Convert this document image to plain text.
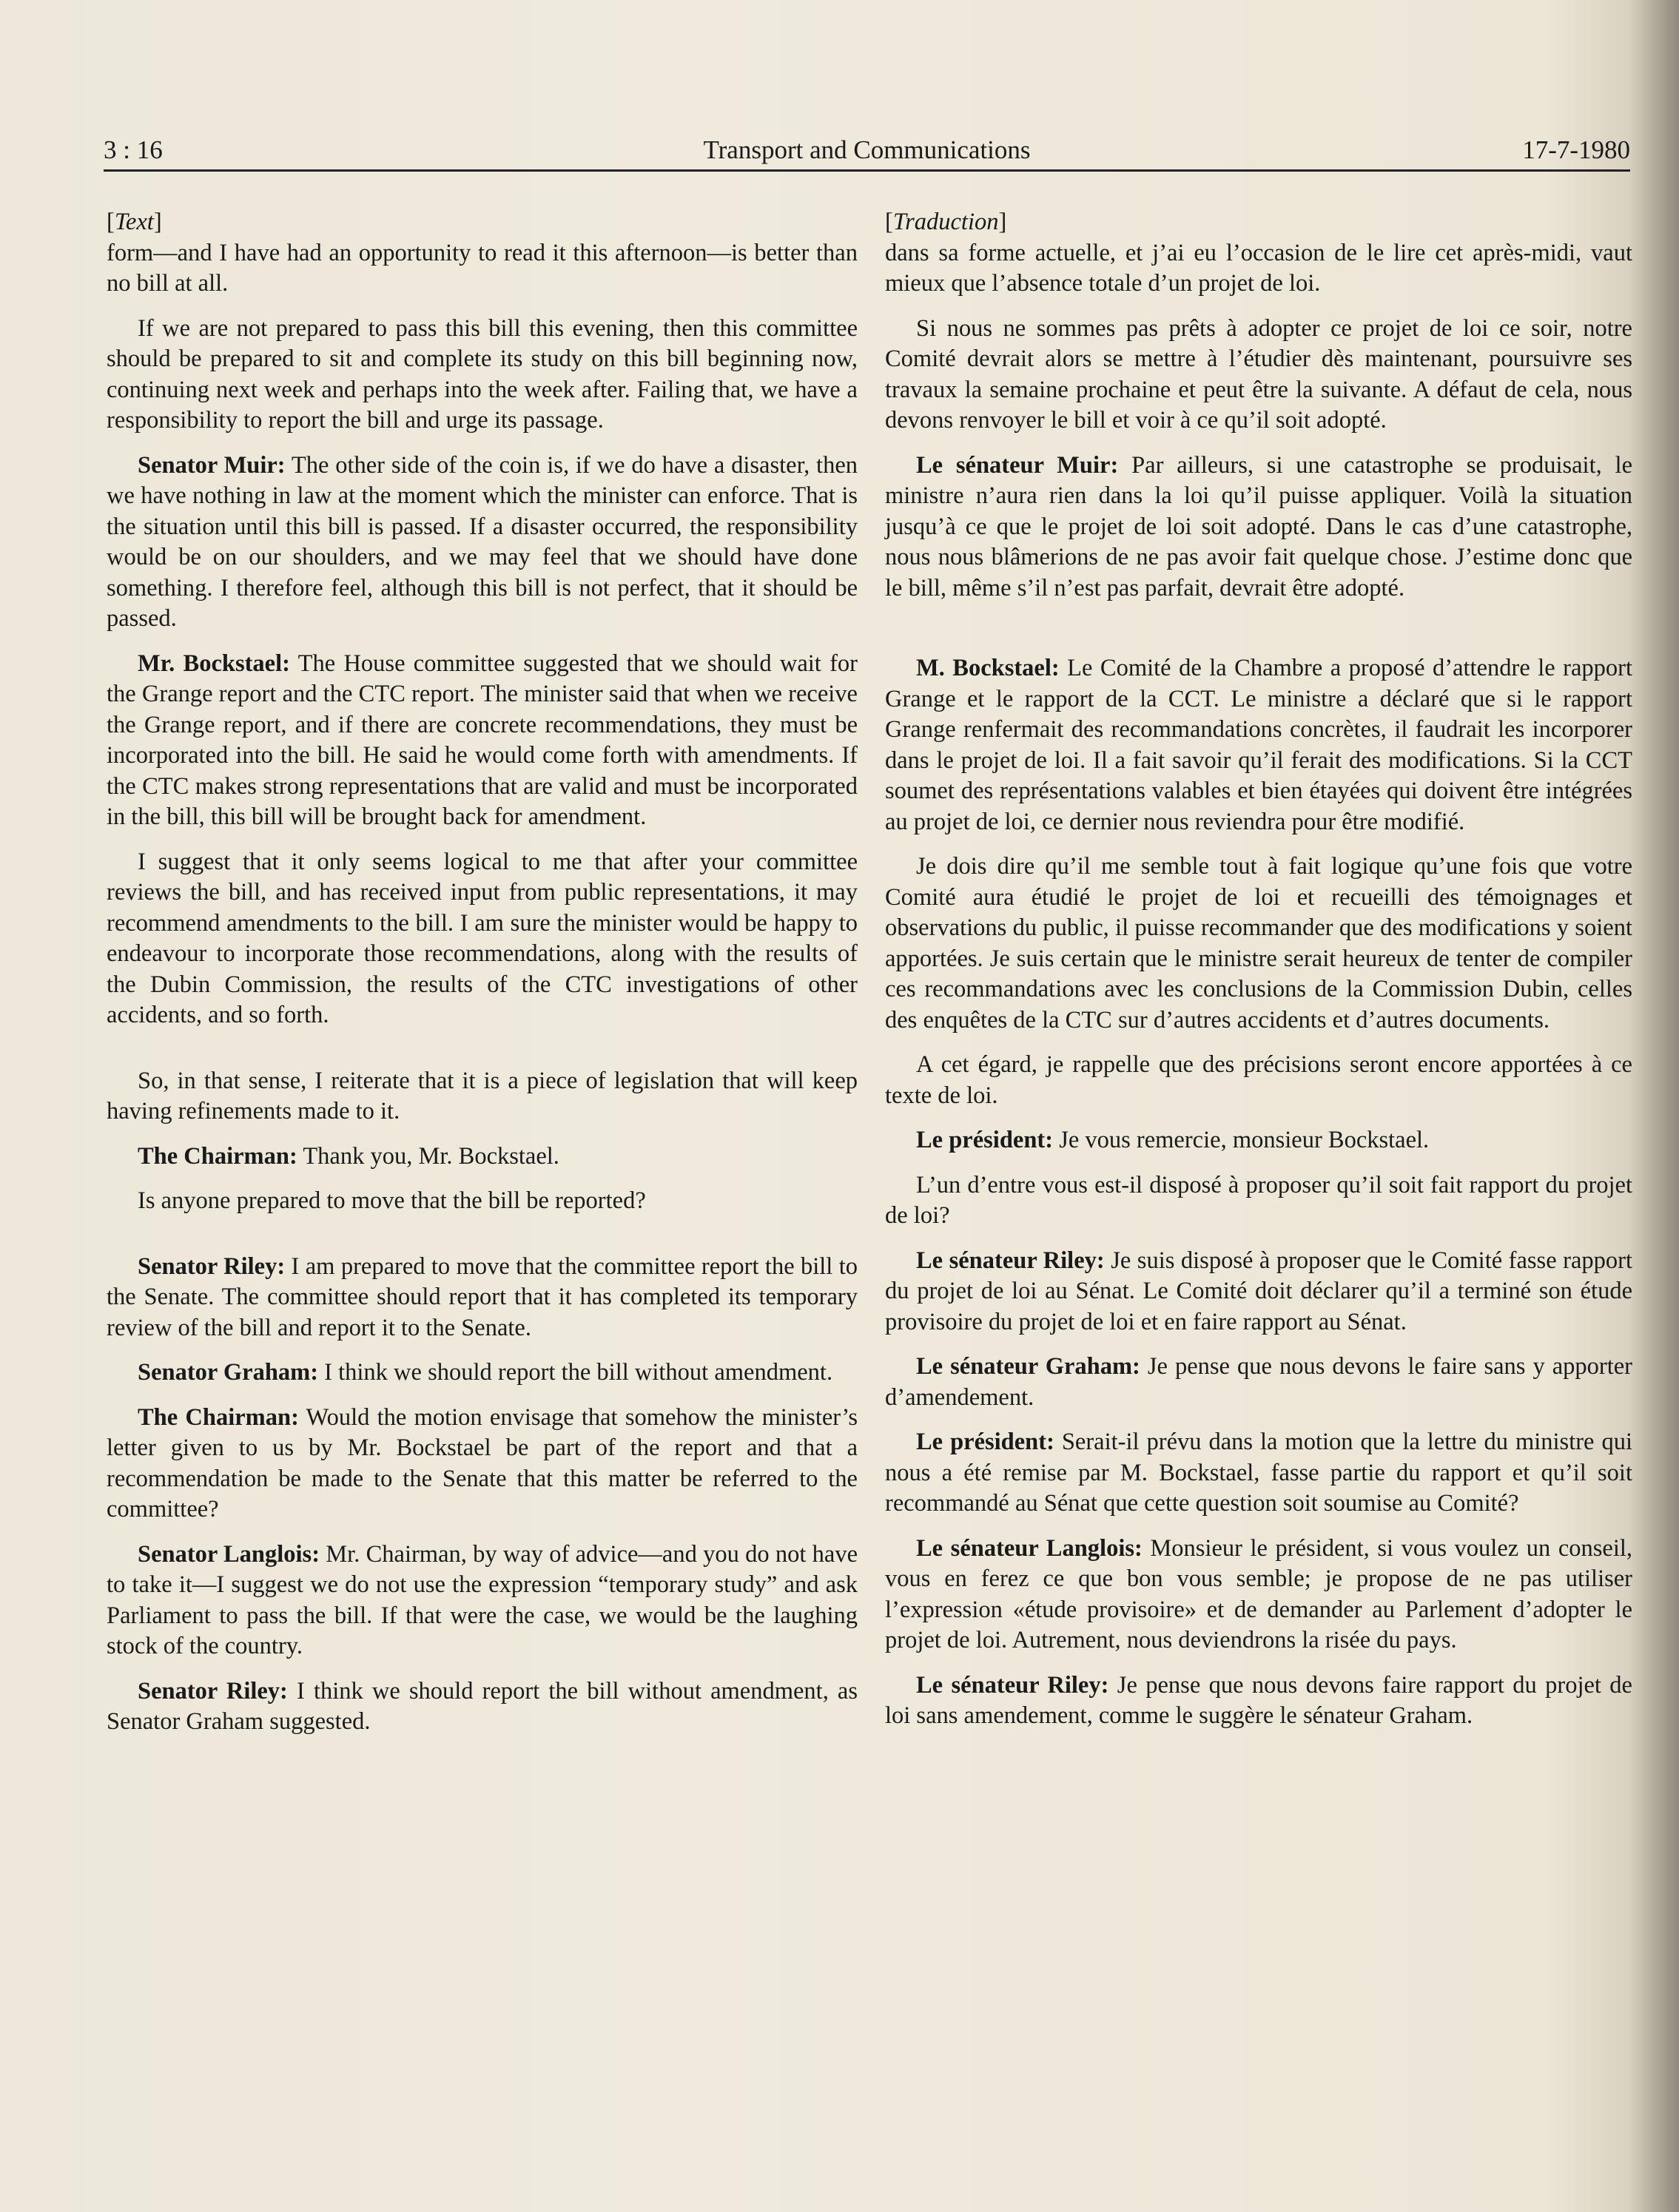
3 : 16	Transport and Communications	17-7-1980
[Text]

form—and I have had an opportunity to read it this afternoon—is better than no bill at all.

If we are not prepared to pass this bill this evening, then this committee should be prepared to sit and complete its study on this bill beginning now, continuing next week and perhaps into the week after. Failing that, we have a responsibility to report the bill and urge its passage.

Senator Muir: The other side of the coin is, if we do have a disaster, then we have nothing in law at the moment which the minister can enforce. That is the situation until this bill is passed. If a disaster occurred, the responsibility would be on our shoulders, and we may feel that we should have done something. I therefore feel, although this bill is not perfect, that it should be passed.

Mr. Bockstael: The House committee suggested that we should wait for the Grange report and the CTC report. The minister said that when we receive the Grange report, and if there are concrete recommendations, they must be incorporated into the bill. He said he would come forth with amendments. If the CTC makes strong representations that are valid and must be incorporated in the bill, this bill will be brought back for amendment.

I suggest that it only seems logical to me that after your committee reviews the bill, and has received input from public representations, it may recommend amendments to the bill. I am sure the minister would be happy to endeavour to incorporate those recommendations, along with the results of the Dubin Commission, the results of the CTC investigations of other accidents, and so forth.

So, in that sense, I reiterate that it is a piece of legislation that will keep having refinements made to it.

The Chairman: Thank you, Mr. Bockstael.

Is anyone prepared to move that the bill be reported?

Senator Riley: I am prepared to move that the committee report the bill to the Senate. The committee should report that it has completed its temporary review of the bill and report it to the Senate.

Senator Graham: I think we should report the bill without amendment.

The Chairman: Would the motion envisage that somehow the minister’s letter given to us by Mr. Bockstael be part of the report and that a recommendation be made to the Senate that this matter be referred to the committee?

Senator Langlois: Mr. Chairman, by way of advice—and you do not have to take it—I suggest we do not use the expression “temporary study” and ask Parliament to pass the bill. If that were the case, we would be the laughing stock of the country.

Senator Riley: I think we should report the bill without amendment, as Senator Graham suggested.

[Traduction]

dans sa forme actuelle, et j’ai eu l’occasion de le lire cet après-midi, vaut mieux que l’absence totale d’un projet de loi.

Si nous ne sommes pas prêts à adopter ce projet de loi ce soir, notre Comité devrait alors se mettre à l’étudier dès maintenant, poursuivre ses travaux la semaine prochaine et peut être la suivante. A défaut de cela, nous devons renvoyer le bill et voir à ce qu’il soit adopté.

Le sénateur Muir: Par ailleurs, si une catastrophe se produisait, le ministre n’aura rien dans la loi qu’il puisse appliquer. Voilà la situation jusqu’à ce que le projet de loi soit adopté. Dans le cas d’une catastrophe, nous nous blâmerions de ne pas avoir fait quelque chose. J’estime donc que le bill, même s’il n’est pas parfait, devrait être adopté.

M. Bockstael: Le Comité de la Chambre a proposé d’attendre le rapport Grange et le rapport de la CCT. Le ministre a déclaré que si le rapport Grange renfermait des recommandations concrètes, il faudrait les incorporer dans le projet de loi. Il a fait savoir qu’il ferait des modifications. Si la CCT soumet des représentations valables et bien étayées qui doivent être intégrées au projet de loi, ce dernier nous reviendra pour être modifié.

Je dois dire qu’il me semble tout à fait logique qu’une fois que votre Comité aura étudié le projet de loi et recueilli des témoignages et observations du public, il puisse recommander que des modifications y soient apportées. Je suis certain que le ministre serait heureux de tenter de compiler ces recommandations avec les conclusions de la Commission Dubin, celles des enquêtes de la CTC sur d’autres accidents et d’autres documents.

A cet égard, je rappelle que des précisions seront encore apportées à ce texte de loi.

Le président: Je vous remercie, monsieur Bockstael.

L’un d’entre vous est-il disposé à proposer qu’il soit fait rapport du projet de loi?

Le sénateur Riley: Je suis disposé à proposer que le Comité fasse rapport du projet de loi au Sénat. Le Comité doit déclarer qu’il a terminé son étude provisoire du projet de loi et en faire rapport au Sénat.

Le sénateur Graham: Je pense que nous devons le faire sans y apporter d’amendement.

Le président: Serait-il prévu dans la motion que la lettre du ministre qui nous a été remise par M. Bockstael, fasse partie du rapport et qu’il soit recommandé au Sénat que cette question soit soumise au Comité?

Le sénateur Langlois: Monsieur le président, si vous voulez un conseil, vous en ferez ce que bon vous semble; je propose de ne pas utiliser l’expression «étude provisoire» et de demander au Parlement d’adopter le projet de loi. Autrement, nous deviendrons la risée du pays.

Le sénateur Riley: Je pense que nous devons faire rapport du projet de loi sans amendement, comme le suggère le sénateur Graham.
